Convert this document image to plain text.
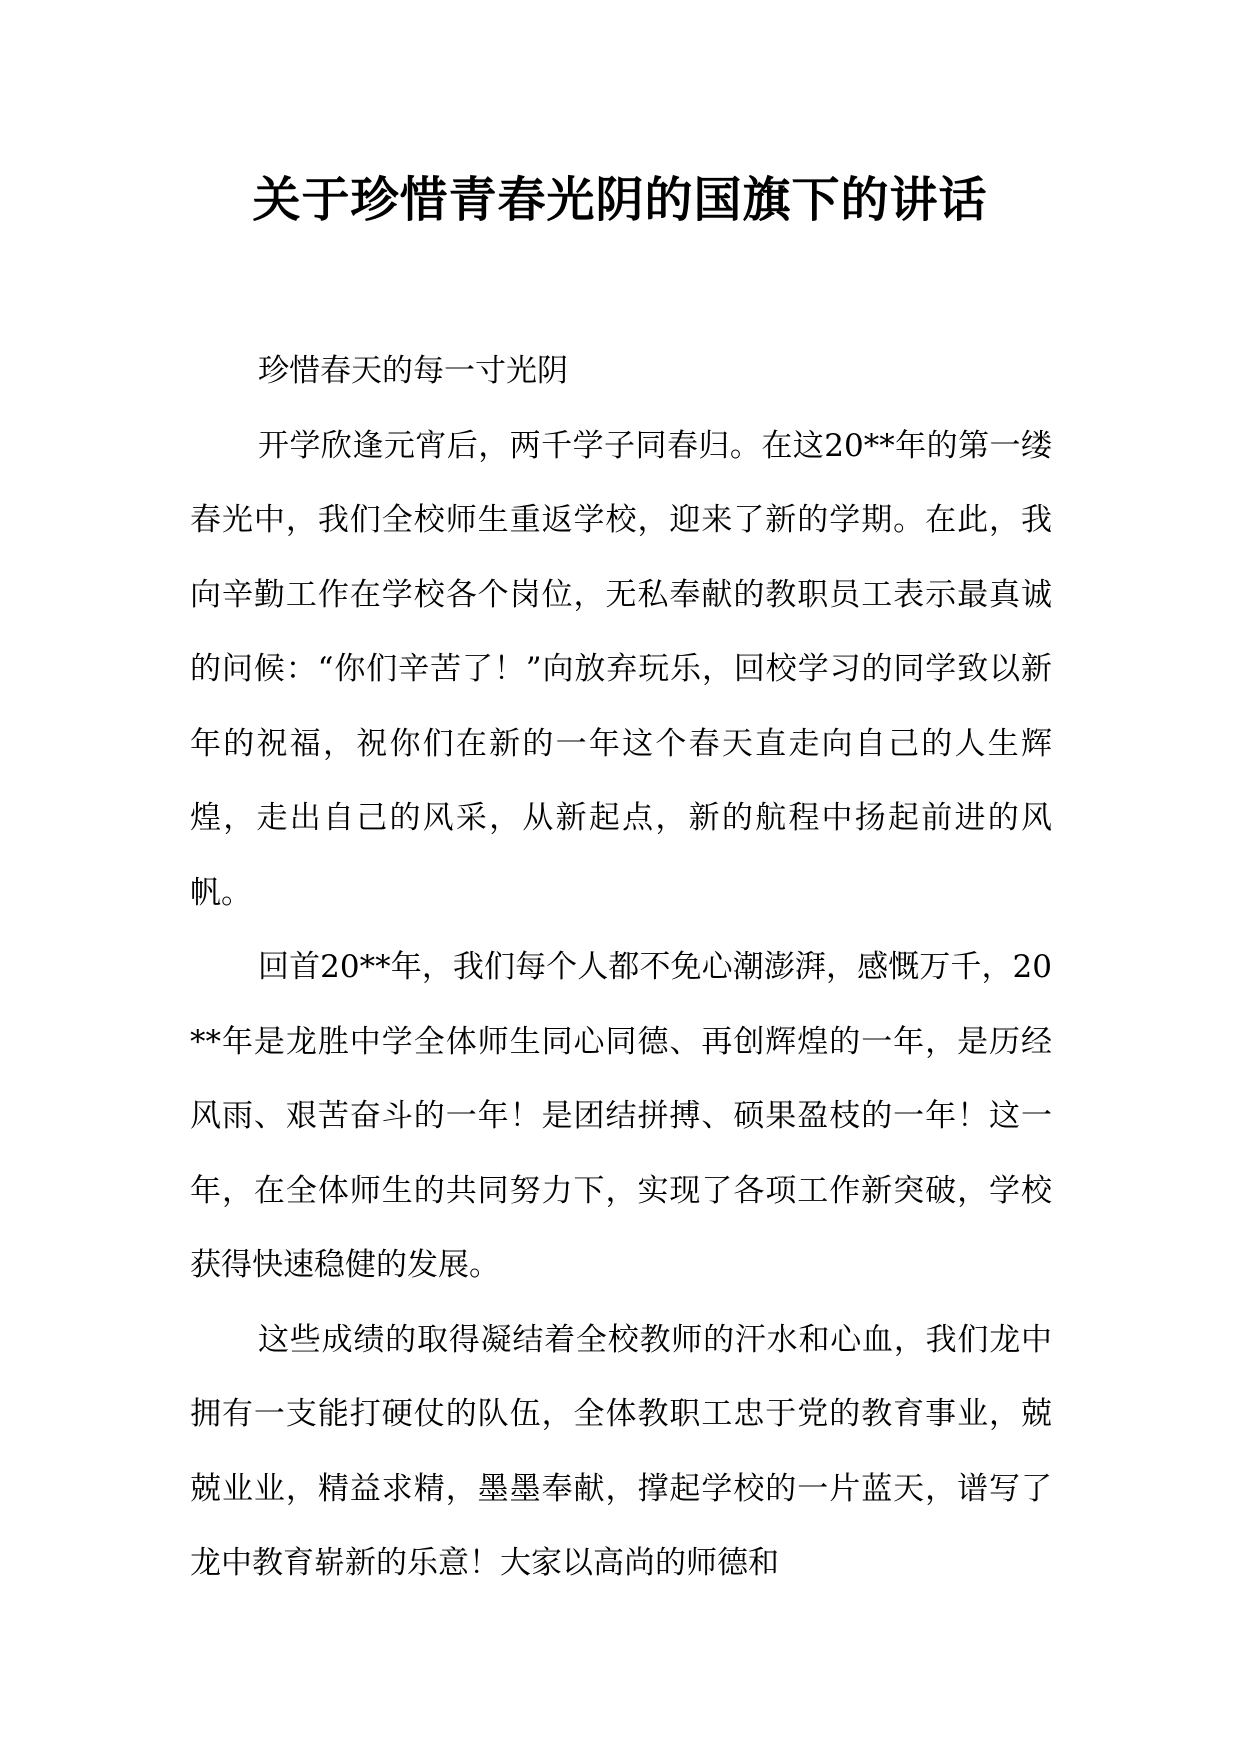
关于珍惜青春光阴的国旗下的讲话

珍惜春天的每一寸光阴

开学欣逢元宵后，两千学子同春归。在这20**年的第一缕春光中，我们全校师生重返学校，迎来了新的学期。在此，我向辛勤工作在学校各个岗位，无私奉献的教职员工表示最真诚的问候：“你们辛苦了！”向放弃玩乐，回校学习的同学致以新年的祝福，祝你们在新的一年这个春天直走向自己的人生辉煌，走出自己的风采，从新起点，新的航程中扬起前进的风帆。

回首20**年，我们每个人都不免心潮澎湃，感慨万千，20**年是龙胜中学全体师生同心同德、再创辉煌的一年，是历经风雨、艰苦奋斗的一年！是团结拼搏、硕果盈枝的一年！这一年，在全体师生的共同努力下，实现了各项工作新突破，学校获得快速稳健的发展。

这些成绩的取得凝结着全校教师的汗水和心血，我们龙中拥有一支能打硬仗的队伍，全体教职工忠于党的教育事业，兢兢业业，精益求精，墨墨奉献，撑起学校的一片蓝天，谱写了龙中教育崭新的乐意！大家以高尚的师德和
